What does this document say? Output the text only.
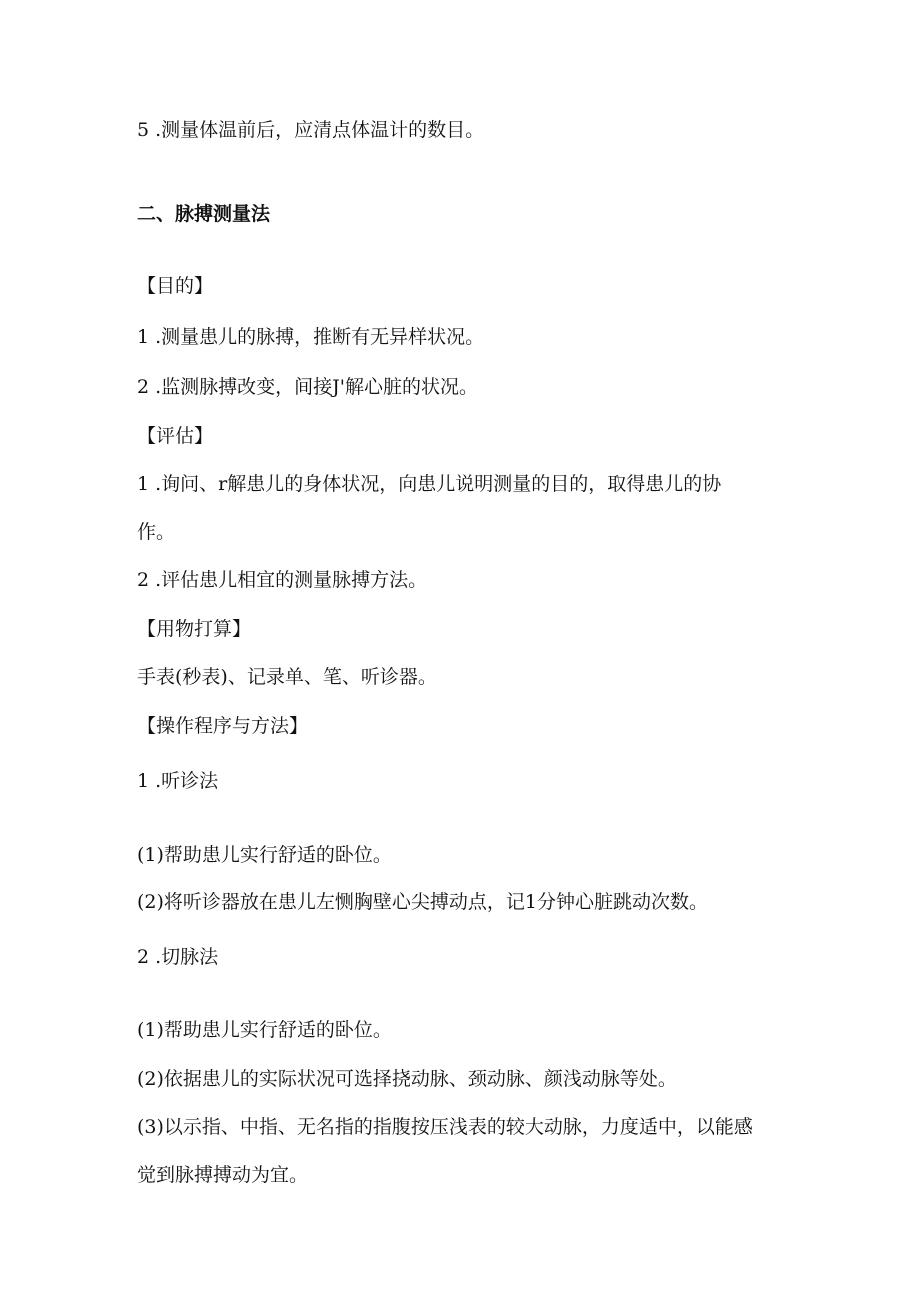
5 .测量体温前后，应清点体温计的数目。

二、脉搏测量法

【目的】

1 .测量患儿的脉搏，推断有无异样状况。

2 .监测脉搏改变，间接J'解心脏的状况。

【评估】

1 .询问、r解患儿的身体状况，向患儿说明测量的目的，取得患儿的协

作。

2 .评估患儿相宜的测量脉搏方法。

【用物打算】

手表(秒表)、记录单、笔、听诊器。

【操作程序与方法】

1 .听诊法

(1)帮助患儿实行舒适的卧位。

(2)将听诊器放在患儿左恻胸壁心尖搏动点，记1分钟心脏跳动次数。

2 .切脉法

(1)帮助患儿实行舒适的卧位。

(2)依据患儿的实际状况可选择挠动脉、颈动脉、颜浅动脉等处。

(3)以示指、中指、无名指的指腹按压浅表的较大动脉，力度适中，以能感

觉到脉搏搏动为宜。
